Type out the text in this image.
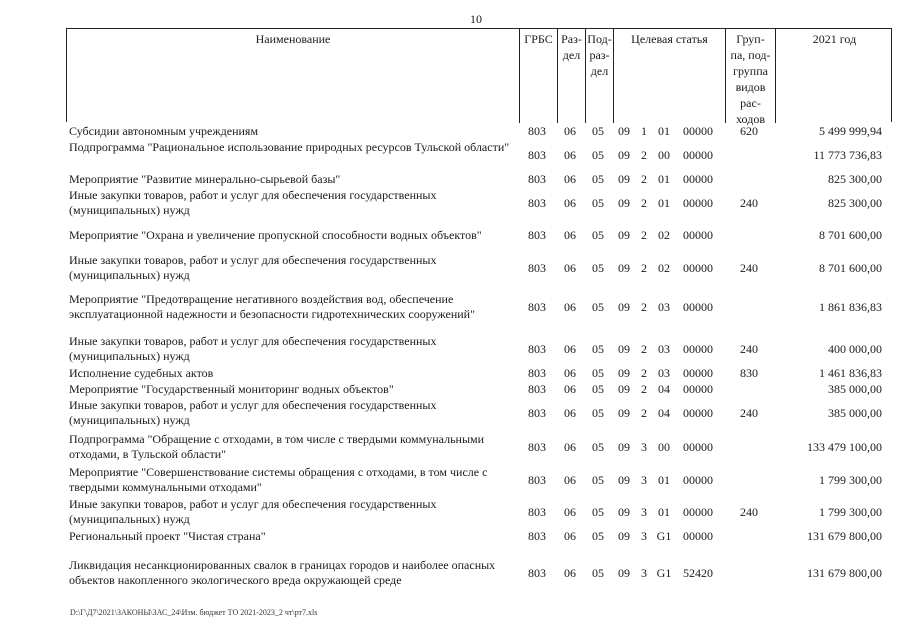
10
Наименование	ГРБС Раз-
дел
Под-
раз-
дел
Целевая статья	Груп-
па, под-
группа
видов
рас-
ходов
2021 год
Субсидии автономным учреждениям	803	06	05	09 1 01	00000	620	5 499 999,94
Подпрограмма "Рациональное использование природных ресурсов Тульской области"
803	06	05	09 2 00	00000	11 773 736,83
Мероприятие "Развитие минерально-сырьевой базы"	803	06	05	09 2 01	00000	825 300,00
Иные закупки товаров, работ и услуг для обеспечения государственных (муниципальных) нужд	803	06	05	09 2 01	00000	240	825 300,00
Мероприятие "Охрана и увеличение пропускной способности водных объектов"	803	06	05	09 2 02	00000	8 701 600,00
Иные закупки товаров, работ и услуг для обеспечения государственных (муниципальных) нужд	803	06	05	09 2 02	00000	240	8 701 600,00
Мероприятие "Предотвращение негативного воздействия вод, обеспечение эксплуатационной надежности и безопасности гидротехнических сооружений"	803	06	05	09 2 03	00000	1 861 836,83
Иные закупки товаров, работ и услуг для обеспечения государственных (муниципальных) нужд	803	06	05	09 2 03	00000	240	400 000,00
Исполнение судебных актов	803	06	05	09 2 03	00000	830	1 461 836,83
Мероприятие "Государственный мониторинг водных объектов"	803	06	05	09 2 04	00000	385 000,00
Иные закупки товаров, работ и услуг для обеспечения государственных (муниципальных) нужд	803	06	05	09 2 04	00000	240	385 000,00
Подпрограмма "Обращение с отходами, в том числе с твердыми коммунальными отходами, в Тульской области"	803	06	05	09 3 00	00000	133 479 100,00
Мероприятие "Совершенствование системы обращения с отходами, в том числе с твердыми коммунальными отходами"	803	06	05	09 3 01	00000	1 799 300,00
Иные закупки товаров, работ и услуг для обеспечения государственных (муниципальных) нужд	803	06	05	09 3 01	00000	240	1 799 300,00
Региональный проект "Чистая страна"	803	06	05	09 3 G1 00000	131 679 800,00
Ликвидация несанкционированных свалок в границах городов и наиболее опасных объектов накопленного экологического вреда окружающей среде	803	06	05	09 3 G1 52420	131 679 800,00
D:\Г\Д7\2021\ЗАКОНЫ\ЗАС_24\Изм. бюджет ТО 2021-2023_2 чт\рт7.xls
